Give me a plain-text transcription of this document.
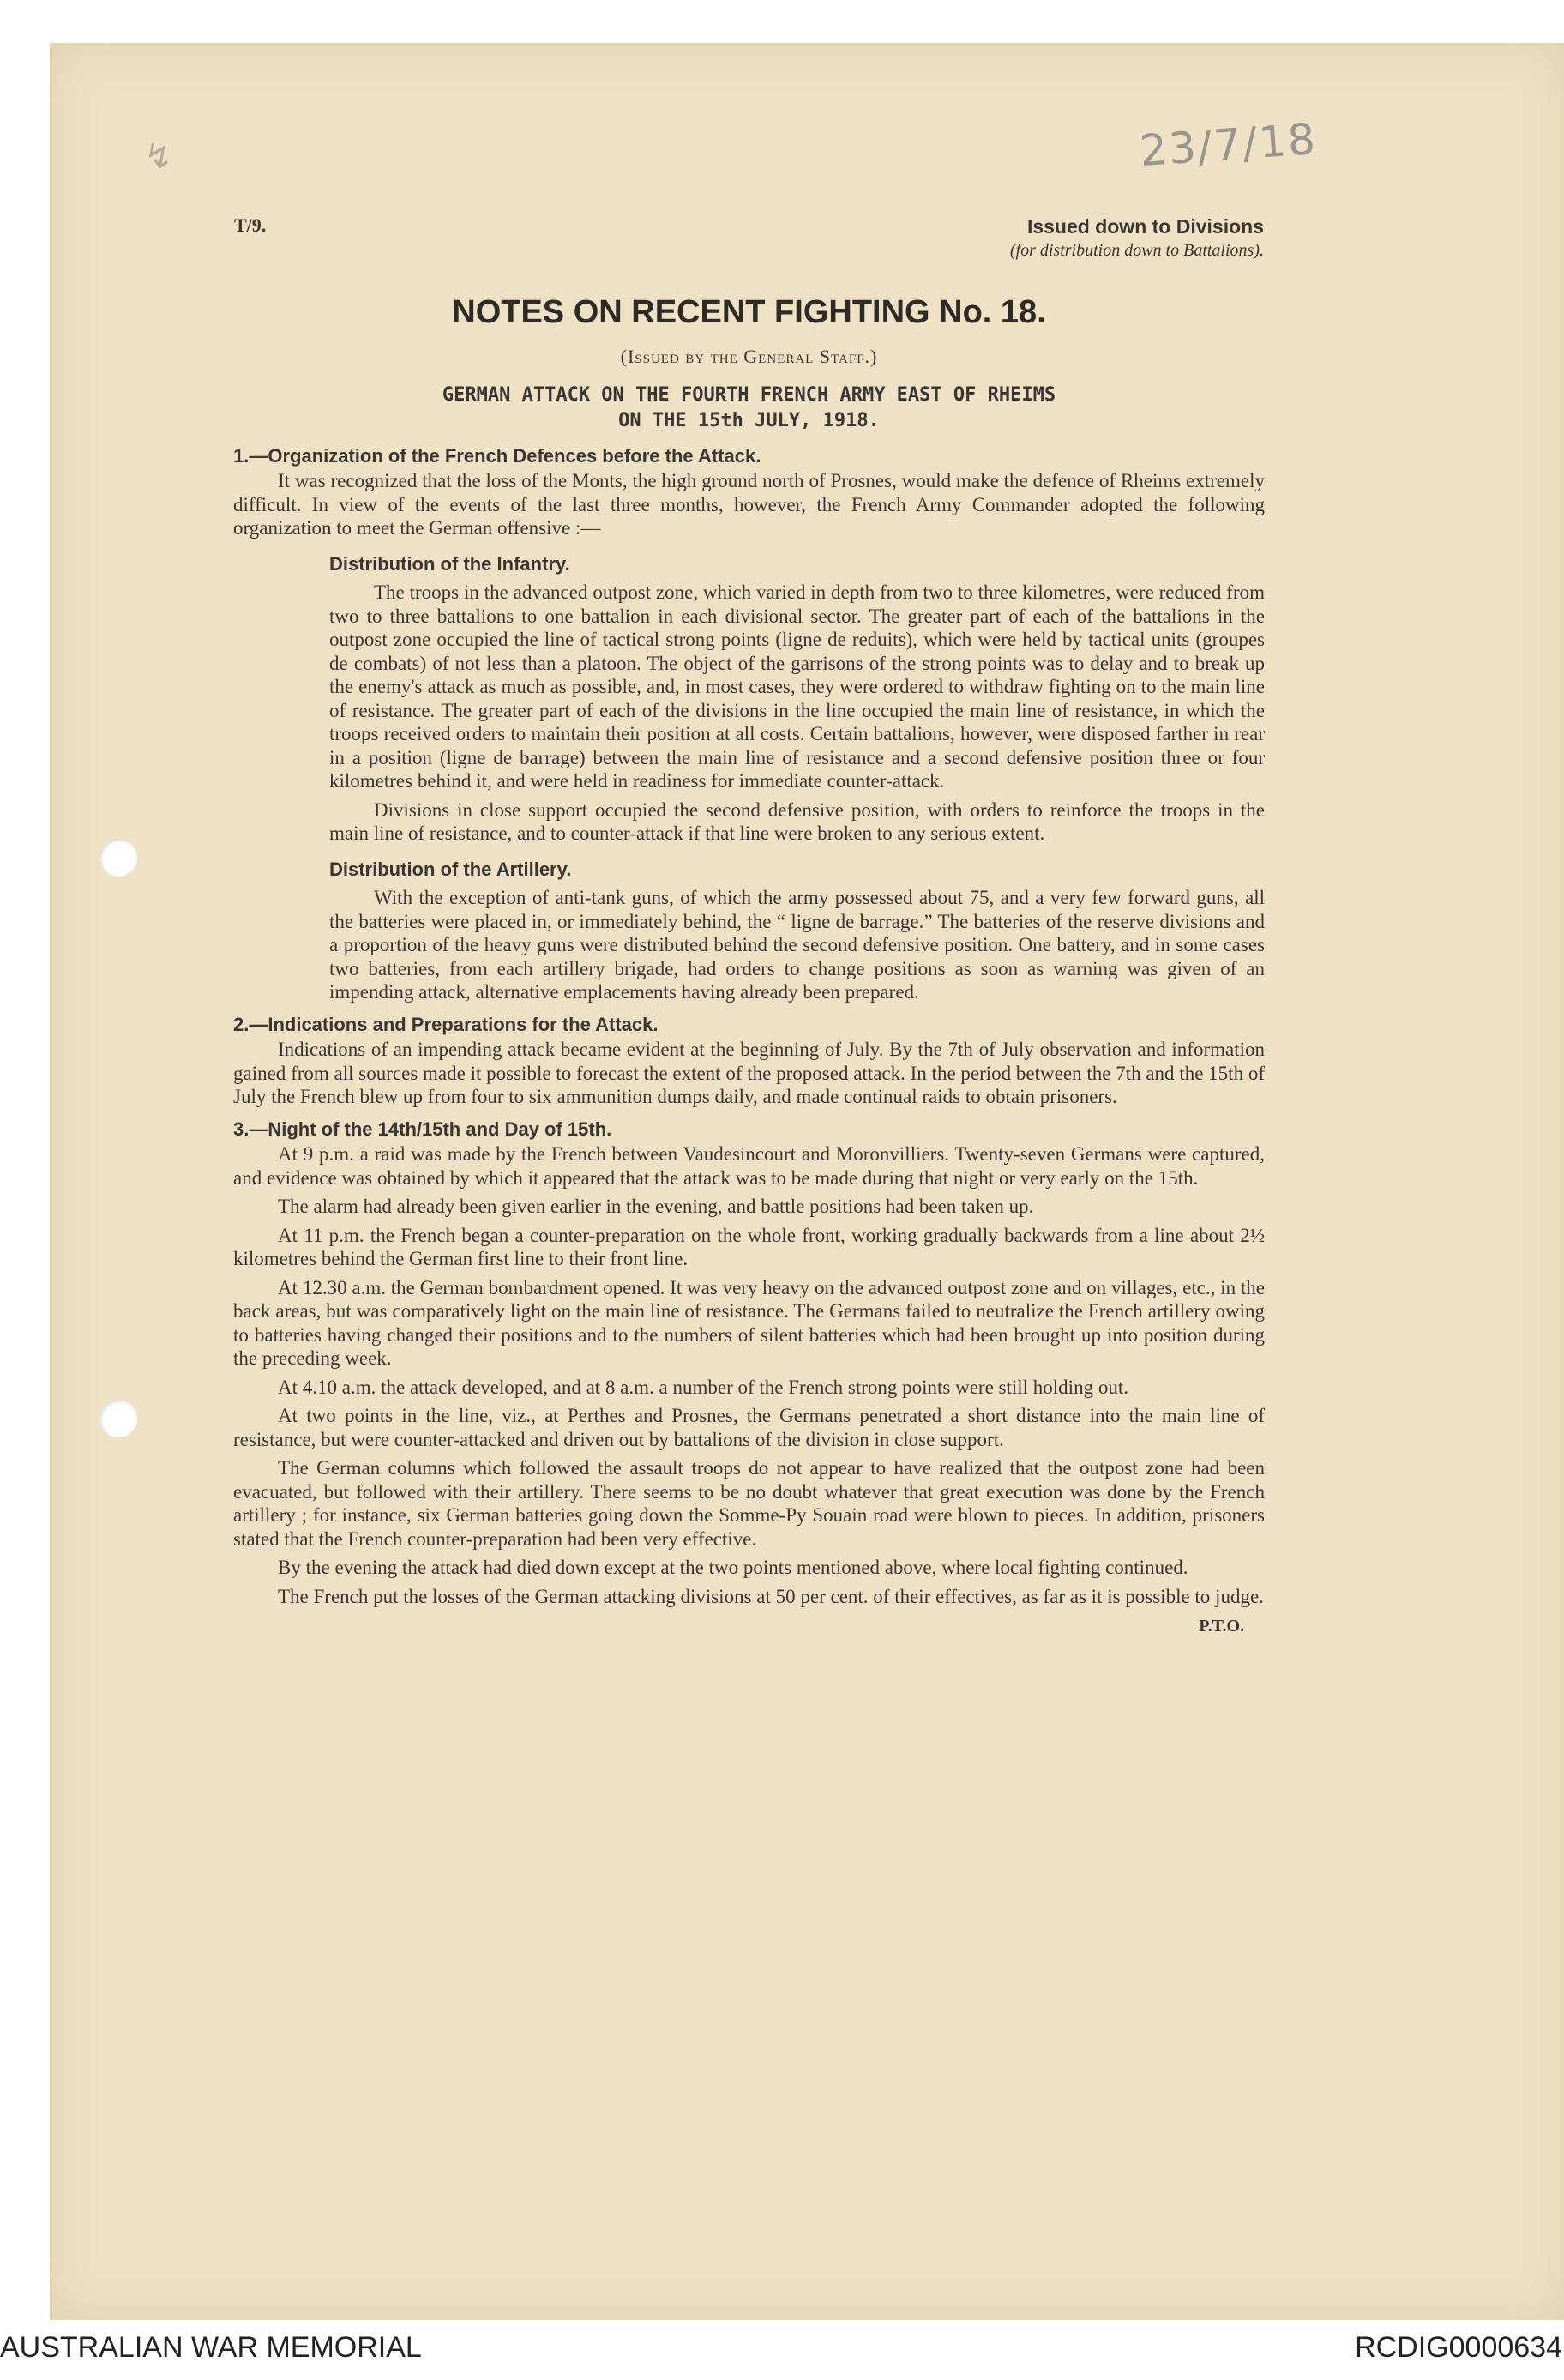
↯	23/7/18
T/9.	Issued down to Divisions
(for distribution down to Battalions).
NOTES ON RECENT FIGHTING No. 18.
(Issued by the General Staff.)
GERMAN ATTACK ON THE FOURTH FRENCH ARMY EAST OF RHEIMS
ON THE 15th JULY, 1918.
1.—Organization of the French Defences before the Attack.

It was recognized that the loss of the Monts, the high ground north of Prosnes, would make the defence of Rheims extremely difficult. In view of the events of the last three months, however, the French Army Commander adopted the following organization to meet the German offensive :—

Distribution of the Infantry.

The troops in the advanced outpost zone, which varied in depth from two to three kilometres, were reduced from two to three battalions to one battalion in each divisional sector. The greater part of each of the battalions in the outpost zone occupied the line of tactical strong points (ligne de reduits), which were held by tactical units (groupes de combats) of not less than a platoon. The object of the garrisons of the strong points was to delay and to break up the enemy's attack as much as possible, and, in most cases, they were ordered to withdraw fighting on to the main line of resistance. The greater part of each of the divisions in the line occupied the main line of resistance, in which the troops received orders to maintain their position at all costs. Certain battalions, however, were disposed farther in rear in a position (ligne de barrage) between the main line of resistance and a second defensive position three or four kilometres behind it, and were held in readiness for immediate counter-attack.

Divisions in close support occupied the second defensive position, with orders to reinforce the troops in the main line of resistance, and to counter-attack if that line were broken to any serious extent.

Distribution of the Artillery.

With the exception of anti-tank guns, of which the army possessed about 75, and a very few forward guns, all the batteries were placed in, or immediately behind, the “ ligne de barrage.” The batteries of the reserve divisions and a proportion of the heavy guns were distributed behind the second defensive position. One battery, and in some cases two batteries, from each artillery brigade, had orders to change positions as soon as warning was given of an impending attack, alternative emplacements having already been prepared.

2.—Indications and Preparations for the Attack.

Indications of an impending attack became evident at the beginning of July. By the 7th of July observation and information gained from all sources made it possible to forecast the extent of the proposed attack. In the period between the 7th and the 15th of July the French blew up from four to six ammunition dumps daily, and made continual raids to obtain prisoners.

3.—Night of the 14th/15th and Day of 15th.

At 9 p.m. a raid was made by the French between Vaudesincourt and Moronvilliers. Twenty-seven Germans were captured, and evidence was obtained by which it appeared that the attack was to be made during that night or very early on the 15th.

The alarm had already been given earlier in the evening, and battle positions had been taken up.

At 11 p.m. the French began a counter-preparation on the whole front, working gradually backwards from a line about 2½ kilometres behind the German first line to their front line.

At 12.30 a.m. the German bombardment opened. It was very heavy on the advanced outpost zone and on villages, etc., in the back areas, but was comparatively light on the main line of resistance. The Germans failed to neutralize the French artillery owing to batteries having changed their positions and to the numbers of silent batteries which had been brought up into position during the preceding week.

At 4.10 a.m. the attack developed, and at 8 a.m. a number of the French strong points were still holding out.

At two points in the line, viz., at Perthes and Prosnes, the Germans penetrated a short distance into the main line of resistance, but were counter-attacked and driven out by battalions of the division in close support.

The German columns which followed the assault troops do not appear to have realized that the outpost zone had been evacuated, but followed with their artillery. There seems to be no doubt whatever that great execution was done by the French artillery ; for instance, six German batteries going down the Somme-Py Souain road were blown to pieces. In addition, prisoners stated that the French counter-preparation had been very effective.

By the evening the attack had died down except at the two points mentioned above, where local fighting continued.

The French put the losses of the German attacking divisions at 50 per cent. of their effectives, as far as it is possible to judge.

P.T.O.
AUSTRALIAN WAR MEMORIAL	RCDIG0000634
